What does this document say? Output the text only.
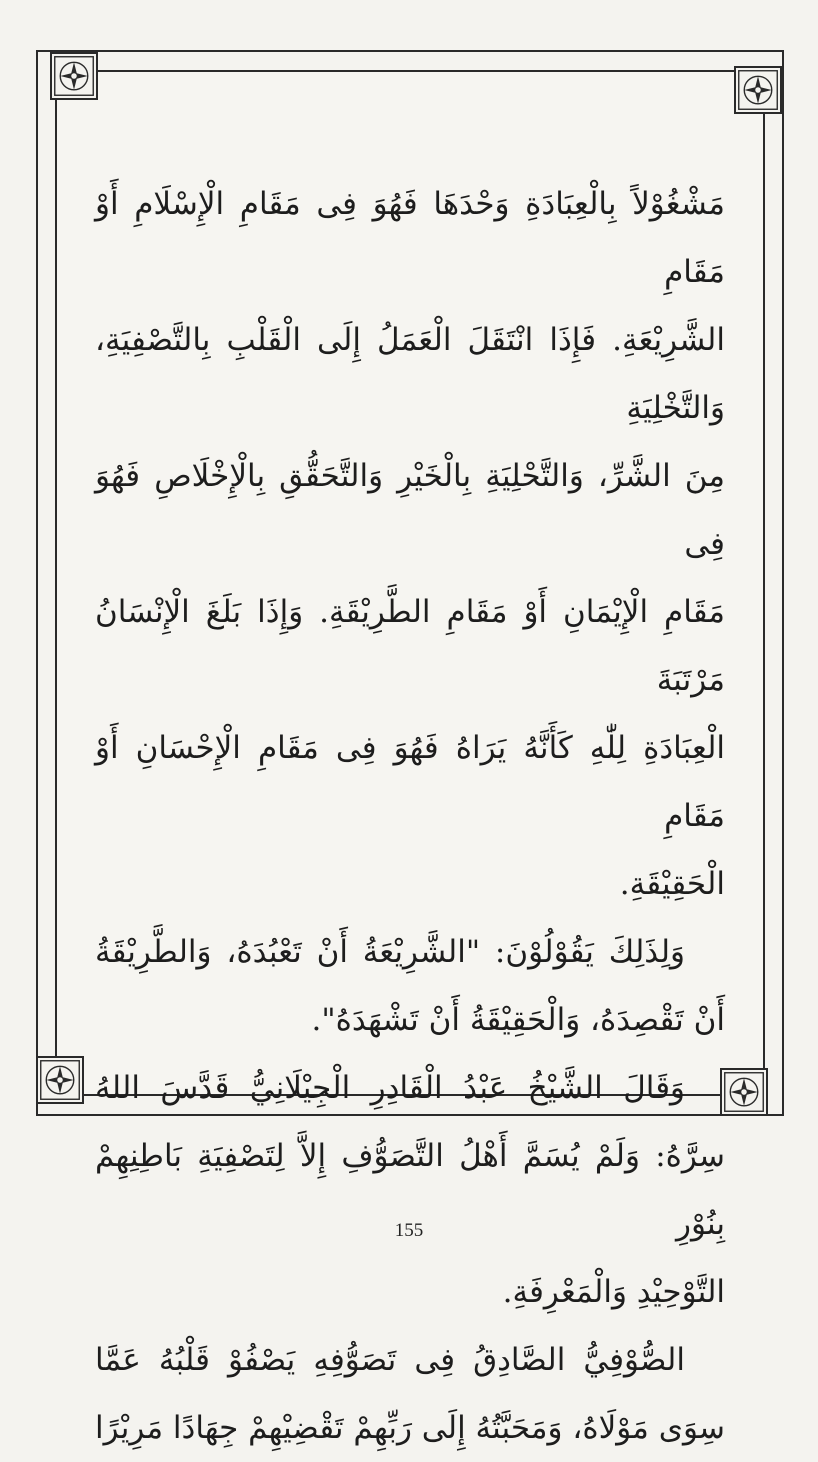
مَشْغُوْلاً بِالْعِبَادَةِ وَحْدَهَا فَهُوَ فِى مَقَامِ الْإِسْلَامِ أَوْ مَقَامِ

الشَّرِيْعَةِ. فَإِذَا انْتَقَلَ الْعَمَلُ إِلَى الْقَلْبِ بِالتَّصْفِيَةِ، وَالتَّخْلِيَةِ

مِنَ الشَّرِّ، وَالتَّحْلِيَةِ بِالْخَيْرِ وَالتَّحَقُّقِ بِالْإِخْلَاصِ فَهُوَ فِى

مَقَامِ الْإِيْمَانِ أَوْ مَقَامِ الطَّرِيْقَةِ. وَإِذَا بَلَغَ الْإِنْسَانُ مَرْتَبَةَ

الْعِبَادَةِ لِلّٰهِ كَأَنَّهُ يَرَاهُ فَهُوَ فِى مَقَامِ الْإِحْسَانِ أَوْ مَقَامِ

الْحَقِيْقَةِ.

وَلِذَلِكَ يَقُوْلُوْنَ: "الشَّرِيْعَةُ أَنْ تَعْبُدَهُ، وَالطَّرِيْقَةُ

أَنْ تَقْصِدَهُ، وَالْحَقِيْقَةُ أَنْ تَشْهَدَهُ".

وَقَالَ الشَّيْخُ عَبْدُ الْقَادِرِ الْجِيْلَانِيُّ قَدَّسَ اللهُ

سِرَّهُ: وَلَمْ يُسَمَّ أَهْلُ التَّصَوُّفِ إِلاَّ لِتَصْفِيَةِ بَاطِنِهِمْ بِنُوْرِ

التَّوْحِيْدِ وَالْمَعْرِفَةِ.

الصُّوْفِيُّ الصَّادِقُ فِى تَصَوُّفِهِ يَصْفُوْ قَلْبُهُ عَمَّا

سِوَى مَوْلَاهُ، وَمَحَبَّتُهُ إِلَى رَبِّهِمْ تَقْضِيْهِمْ جِهَادًا مَرِيْرًا

155
